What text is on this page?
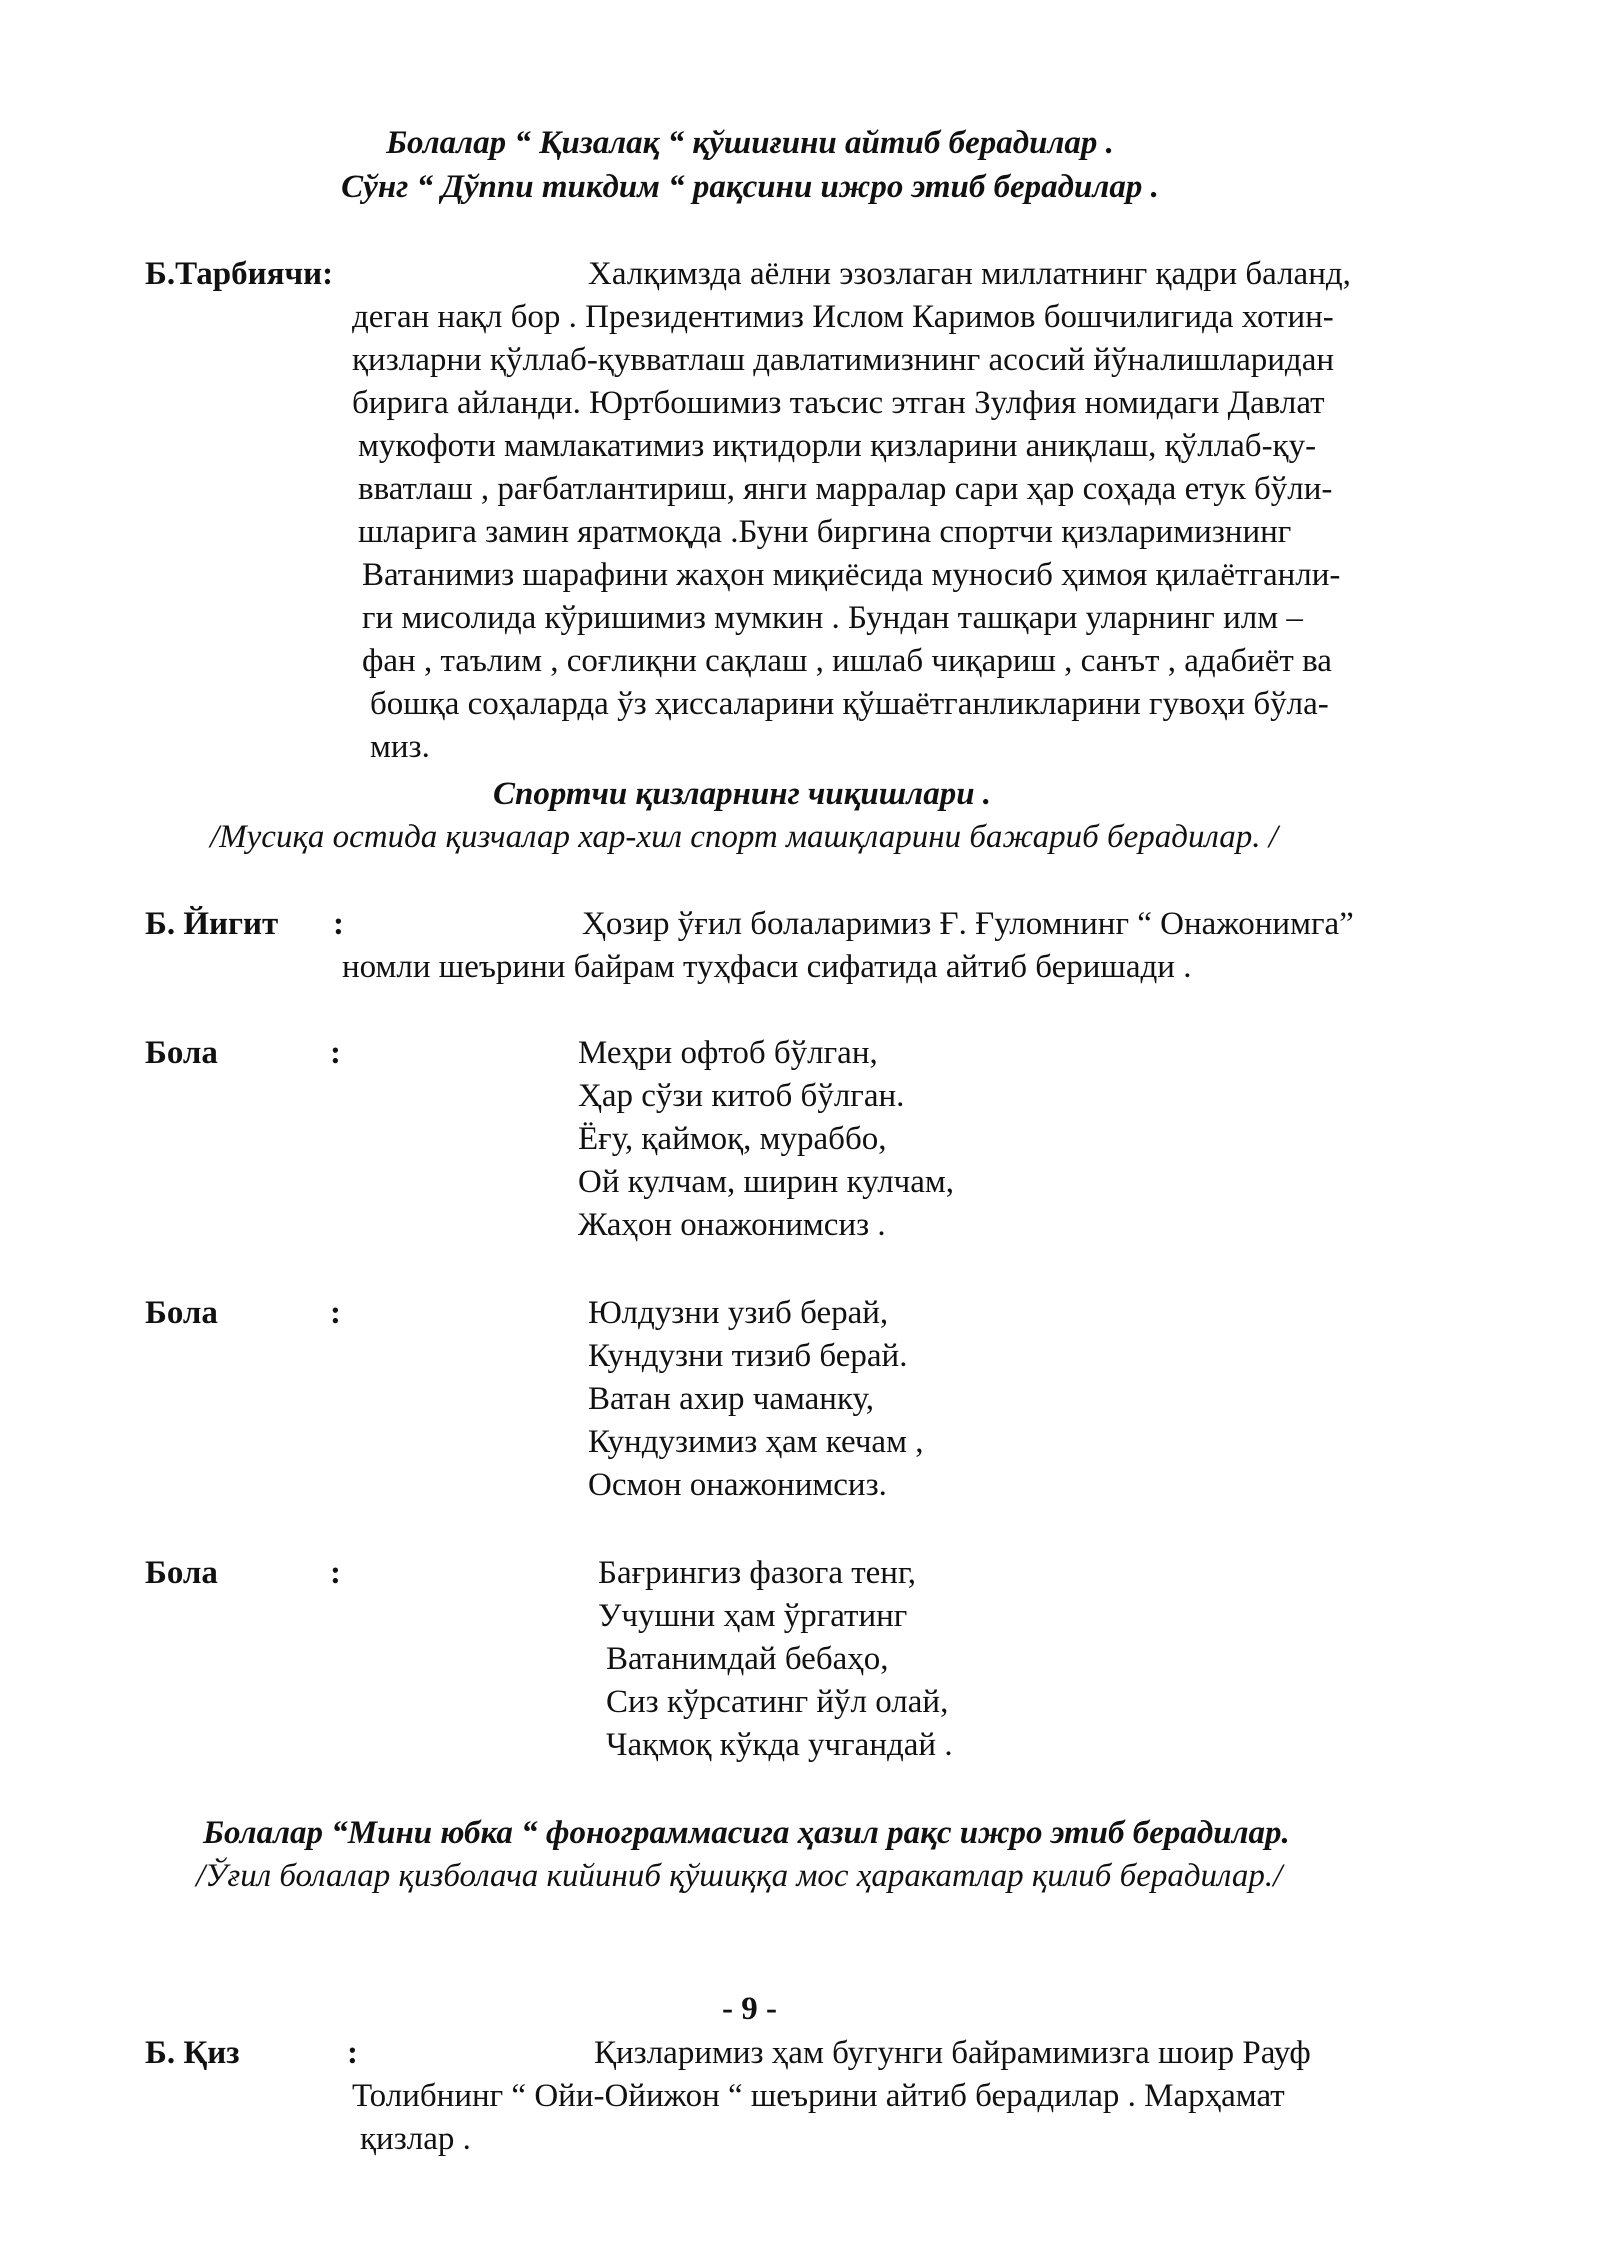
Болалар “ Қизалақ “ қўшиғини айтиб берадилар .
Сўнг “ Дўппи тикдим “ рақсини ижро этиб берадилар .
Б.Тарбиячи:	Халқимзда аёлни эзозлаган миллатнинг қадри баланд,
деган нақл бор . Президентимиз Ислом Каримов бошчилигида хотин-
қизларни қўллаб-қувватлаш давлатимизнинг асосий йўналишларидан
бирига айланди. Юртбошимиз таъсис этган Зулфия номидаги Давлат
мукофоти мамлакатимиз иқтидорли қизларини аниқлаш, қўллаб-қу-
вватлаш , рағбатлантириш, янги марралар сари ҳар соҳада етук бўли-
шларига замин яратмоқда .Буни биргина спортчи қизларимизнинг
Ватанимиз шарафини жаҳон миқиёсида муносиб ҳимоя қилаётганли-
ги мисолида кўришимиз мумкин . Бундан ташқари уларнинг илм –
фан , таълим , соғлиқни сақлаш , ишлаб чиқариш , санът , адабиёт ва
бошқа соҳаларда ўз ҳиссаларини қўшаётганликларини гувоҳи бўла-
миз.
Спортчи қизларнинг чиқишлари .
/Мусиқа остида қизчалар хар-хил спорт машқларини бажариб берадилар. /
Б. Йигит :	Ҳозир ўғил болаларимиз Ғ. Ғуломнинг “ Онажонимга”
номли шеърини байрам туҳфаси сифатида айтиб беришади .
Бола	:	Меҳри офтоб бўлган,
Ҳар сўзи китоб бўлган.
Ёғу, қаймоқ, мураббо,
Ой кулчам, ширин кулчам,
Жаҳон онажонимсиз .
Бола	:	Юлдузни узиб берай,
Кундузни тизиб берай.
Ватан ахир чаманку,
Кундузимиз ҳам кечам ,
Осмон онажонимсиз.
Бола	:	Бағрингиз фазога тенг,
Учушни ҳам ўргатинг
Ватанимдай бебаҳо,
Сиз кўрсатинг йўл олай,
Чақмоқ кўкда учгандай .
Болалар “Мини юбка “ фонограммасига ҳазил рақс ижро этиб берадилар.
/Ўғил болалар қизболача кийиниб қўшиққа мос ҳаракатлар қилиб берадилар./
- 9 -
Б. Қиз	:	Қизларимиз ҳам бугунги байрамимизга шоир Рауф
Толибнинг “ Ойи-Ойижон “ шеърини айтиб берадилар . Марҳамат
қизлар .
